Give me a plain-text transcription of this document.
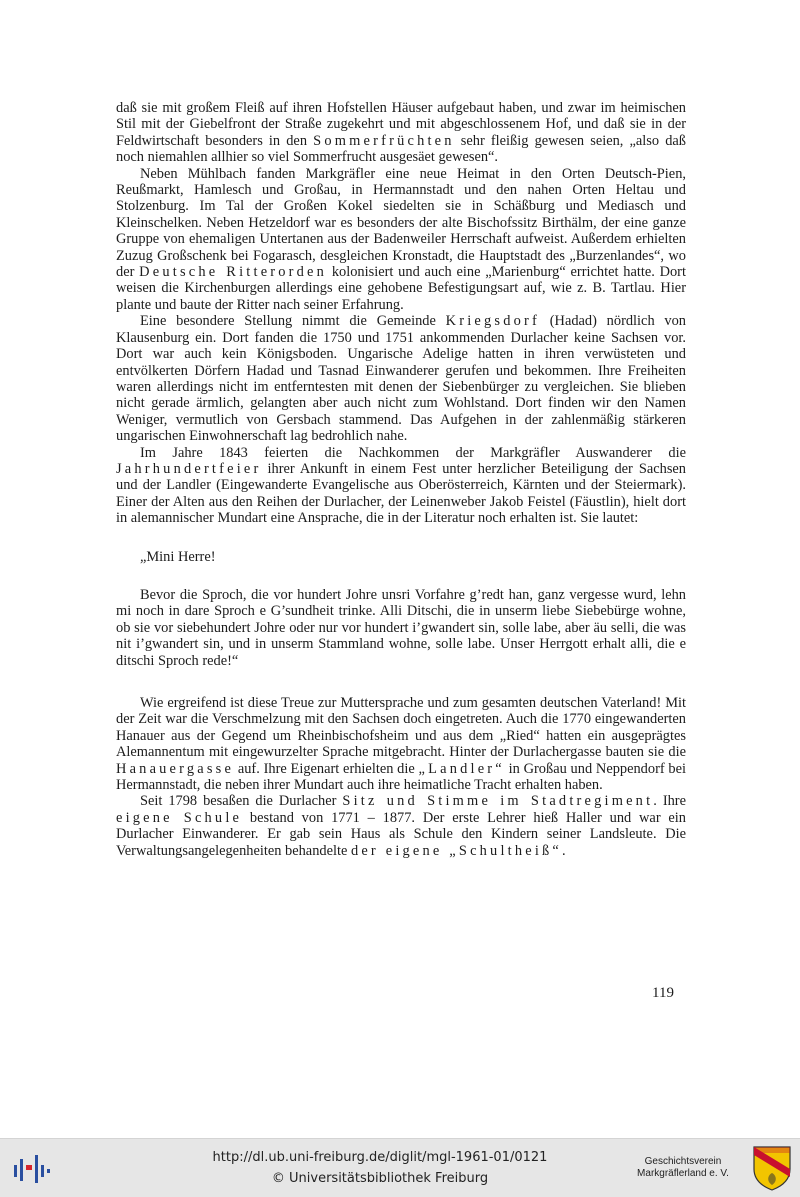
daß sie mit großem Fleiß auf ihren Hofstellen Häuser aufgebaut haben, und zwar im heimischen Stil mit der Giebelfront der Straße zugekehrt und mit abgeschlossenem Hof, und daß sie in der Feldwirtschaft besonders in den Sommerfrüchten sehr fleißig gewesen seien, „also daß noch niemahlen allhier so viel Sommerfrucht ausgesäet gewesen“.

Neben Mühlbach fanden Markgräfler eine neue Heimat in den Orten Deutsch-Pien, Reußmarkt, Hamlesch und Großau, in Hermannstadt und den nahen Orten Heltau und Stolzenburg. Im Tal der Großen Kokel siedelten sie in Schäßburg und Mediasch und Kleinschelken. Neben Hetzeldorf war es besonders der alte Bischofssitz Birthälm, der eine ganze Gruppe von ehemaligen Untertanen aus der Badenweiler Herrschaft aufweist. Außerdem erhielten Zuzug Großschenk bei Fogarasch, desgleichen Kronstadt, die Hauptstadt des „Burzenlandes“, wo der Deutsche Ritterorden kolonisiert und auch eine „Marienburg“ errichtet hatte. Dort weisen die Kirchenburgen allerdings eine gehobene Befestigungsart auf, wie z. B. Tartlau. Hier plante und baute der Ritter nach seiner Erfahrung.

Eine besondere Stellung nimmt die Gemeinde Kriegsdorf (Hadad) nördlich von Klausenburg ein. Dort fanden die 1750 und 1751 ankommenden Durlacher keine Sachsen vor. Dort war auch kein Königsboden. Ungarische Adelige hatten in ihren verwüsteten und entvölkerten Dörfern Hadad und Tasnad Einwanderer gerufen und bekommen. Ihre Freiheiten waren allerdings nicht im entferntesten mit denen der Siebenbürger zu vergleichen. Sie blieben nicht gerade ärmlich, gelangten aber auch nicht zum Wohlstand. Dort finden wir den Namen Weniger, vermutlich von Gersbach stammend. Das Aufgehen in der zahlenmäßig stärkeren ungarischen Einwohnerschaft lag bedrohlich nahe.

Im Jahre 1843 feierten die Nachkommen der Markgräfler Auswanderer die Jahrhundertfeier ihrer Ankunft in einem Fest unter herzlicher Beteiligung der Sachsen und der Landler (Eingewanderte Evangelische aus Oberösterreich, Kärnten und der Steiermark). Einer der Alten aus den Reihen der Durlacher, der Leinenweber Jakob Feistel (Fäustlin), hielt dort in alemannischer Mundart eine Ansprache, die in der Literatur noch erhalten ist. Sie lautet:

„Mini Herre!

Bevor die Sproch, die vor hundert Johre unsri Vorfahre g’redt han, ganz vergesse wurd, lehn mi noch in dare Sproch e G’sundheit trinke. Alli Ditschi, die in unserm liebe Siebebürge wohne, ob sie vor siebehundert Johre oder nur vor hundert i’gwandert sin, solle labe, aber äu selli, die was nit i’gwandert sin, und in unserm Stammland wohne, solle labe. Unser Herrgott erhalt alli, die e ditschi Sproch rede!“

Wie ergreifend ist diese Treue zur Muttersprache und zum gesamten deutschen Vaterland! Mit der Zeit war die Verschmelzung mit den Sachsen doch eingetreten. Auch die 1770 eingewanderten Hanauer aus der Gegend um Rheinbischofsheim und aus dem „Ried“ hatten ein ausgeprägtes Alemannentum mit eingewurzelter Sprache mitgebracht. Hinter der Durlachergasse bauten sie die Hanauergasse auf. Ihre Eigenart erhielten die „Landler“ in Großau und Neppendorf bei Hermannstadt, die neben ihrer Mundart auch ihre heimatliche Tracht erhalten haben.

Seit 1798 besaßen die Durlacher Sitz und Stimme im Stadtregiment. Ihre eigene Schule bestand von 1771 – 1877. Der erste Lehrer hieß Haller und war ein Durlacher Einwanderer. Er gab sein Haus als Schule den Kindern seiner Landsleute. Die Verwaltungsangelegenheiten behandelte der eigene „Schultheiß“.

119
http://dl.ub.uni-freiburg.de/diglit/mgl-1961-01/0121
© Universitätsbibliothek Freiburg
Geschichtsverein
Markgräflerland e. V.
